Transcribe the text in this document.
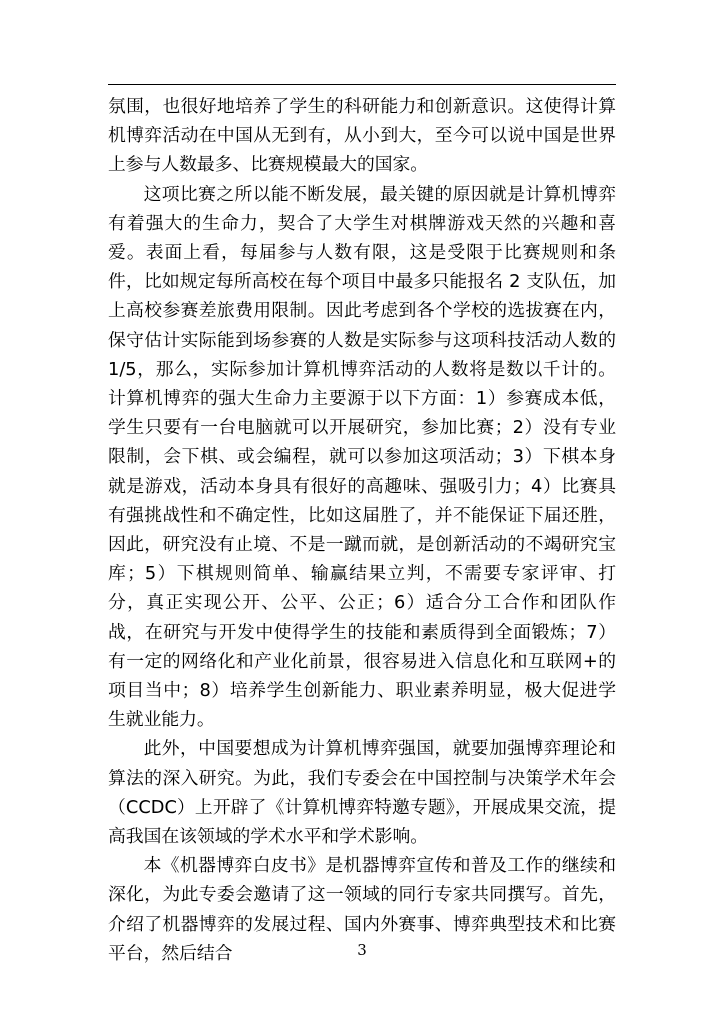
氛围，也很好地培养了学生的科研能力和创新意识。这使得计算机博弈活动在中国从无到有，从小到大，至今可以说中国是世界上参与人数最多、比赛规模最大的国家。

这项比赛之所以能不断发展，最关键的原因就是计算机博弈有着强大的生命力，契合了大学生对棋牌游戏天然的兴趣和喜爱。表面上看，每届参与人数有限，这是受限于比赛规则和条件，比如规定每所高校在每个项目中最多只能报名 2 支队伍，加上高校参赛差旅费用限制。因此考虑到各个学校的选拔赛在内，保守估计实际能到场参赛的人数是实际参与这项科技活动人数的 1/5，那么，实际参加计算机博弈活动的人数将是数以千计的。计算机博弈的强大生命力主要源于以下方面：1）参赛成本低，学生只要有一台电脑就可以开展研究，参加比赛；2）没有专业限制，会下棋、或会编程，就可以参加这项活动；3）下棋本身就是游戏，活动本身具有很好的高趣味、强吸引力；4）比赛具有强挑战性和不确定性，比如这届胜了，并不能保证下届还胜，因此，研究没有止境、不是一蹴而就，是创新活动的不竭研究宝库；5）下棋规则简单、输赢结果立判，不需要专家评审、打分，真正实现公开、公平、公正；6）适合分工合作和团队作战，在研究与开发中使得学生的技能和素质得到全面锻炼；7）有一定的网络化和产业化前景，很容易进入信息化和互联网+的项目当中；8）培养学生创新能力、职业素养明显，极大促进学生就业能力。

此外，中国要想成为计算机博弈强国，就要加强博弈理论和算法的深入研究。为此，我们专委会在中国控制与决策学术年会（CCDC）上开辟了《计算机博弈特邀专题》，开展成果交流，提高我国在该领域的学术水平和学术影响。

本《机器博弈白皮书》是机器博弈宣传和普及工作的继续和深化，为此专委会邀请了这一领域的同行专家共同撰写。首先，介绍了机器博弈的发展过程、国内外赛事、博弈典型技术和比赛平台，然后结合	3
